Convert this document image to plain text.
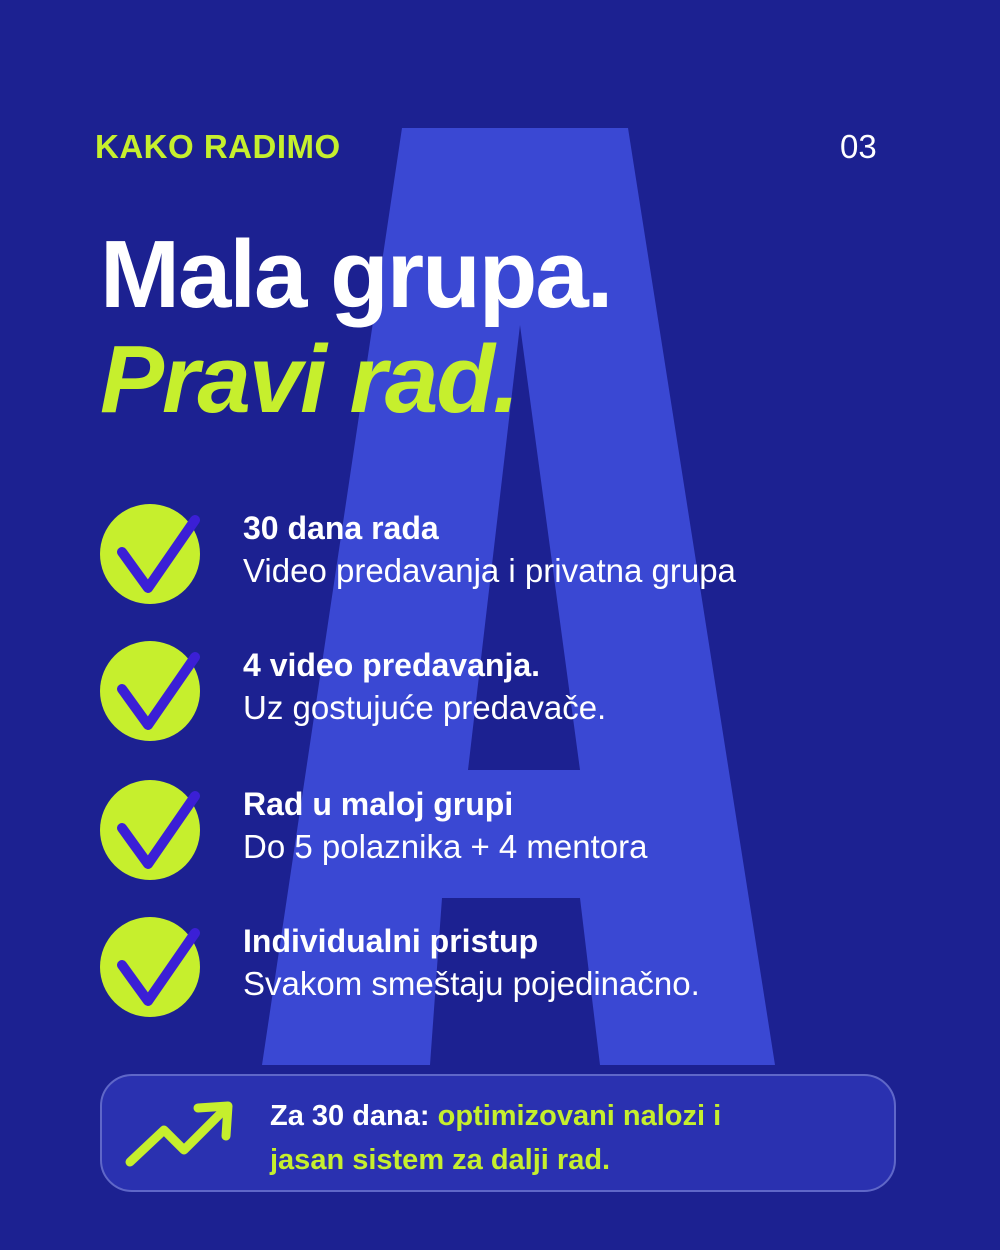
KAKO RADIMO	03
Mala grupa.
Pravi rad.
30 dana rada
Video predavanja i privatna grupa
4 video predavanja.
Uz gostujuće predavače.
Rad u maloj grupi
Do 5 polaznika + 4 mentora
Individualni pristup
Svakom smeštaju pojedinačno.
Za 30 dana: optimizovani nalozi i
jasan sistem za dalji rad.
